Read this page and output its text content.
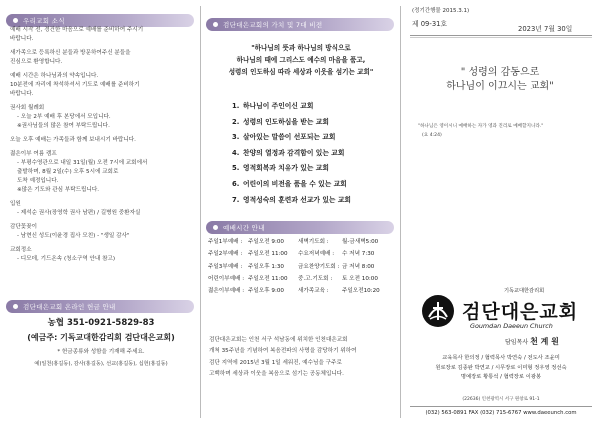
우리교회 소식
예배 시작 전, 경건한 마음으로 예배를 준비하여 주시기
바랍니다.
새가족으로 등록하신 분들과 방문하여주신 분들을
진심으로 환영합니다.
예배 시간은 하나님과의 약속입니다.
10분전에 자리에 착석하셔서 기도로 예배를 준비하기
바랍니다.
권사회 월례회
- 오늘 2부 예배 후 본당에서 모입니다.
※권사님들의 많은 참여 부탁드립니다.
오늘 오후 예배는 가족들과 함께 보내시기 바랍니다.
젊은이부 여름 캠프
- 부평수영관으로 내일 31일(월) 오전 7시에 교회에서
출발하며, 8월 2일(수) 오후 5시에 교회로
도착 예정입니다.
※많은 기도와 관심 부탁드립니다.
입원
- 제석순 권사(장영학 권사 남편) / 길병원 중환자실
감단꽃꽂이
- 남현신 성도(이윤경 집사 모친) - "생일 감사"
교회정소
- 디모데, 기드온속 (청소구역 안내 참고)
검단대은교회 온라인 헌금 안내
농협 351-0921-5829-83
(예금주: 기독교대한감리회 검단대은교회)
* 헌금종류와 성함을 기재해 주세요.
예)일천(홍길동), 감사(홍길동), 선교(홍길동), 십헌(홍길동)
검단대은교회의 가치 및 7대 비전
"하나님의 뜻과 하나님의 방식으로
하나님의 때에 그리스도 예수의 마음을 품고,
성령의 인도하심 따라 세상과 이웃을 섬기는 교회"
1. 하나님이 주인이신 교회
2. 성령의 인도하심을 받는 교회
3. 살아있는 말씀이 선포되는 교회
4. 찬양의 열정과 감격함이 있는 교회
5. 영적회복과 치유가 있는 교회
6. 어린이의 비전을 품을 수 있는 교회
7. 영적성숙의 훈련과 선교가 있는 교회
예배시간 안내
주일1부예배 :	주일오전 9:00	새벽기도회 :	월-금새벽5:00
주일2부예배 :	주일오전 11:00	수요저녁예배 :	수 저녁 7:30
주일3부예배 :	주일오후 1:30	금요찬양기도회 : 금 저녁 8:00
어린이부예배 : 주일오전 11:00	중.고.기도회 :	토 오전 10:00
젊은이부예배 : 주일오후 9:00	새가족교육 :	주일오전10:20
검단대은교회는 인천 서구 석남동에 위치한 인천대은교회
개척 35주년을 기념하여 복음전파의 사명을 감당하기 위하여
검단 지역에 2015년 3월 1일 세워진, 예수님을 구주로
고백하며 세상과 이웃을 복음으로 섬기는 공동체입니다.
(정기간행물 2015.3.1)
제 09-31호
2023년 7월 30일
" 성령의 감동으로
하나님이 이끄시는 교회"
"하나님은 영이시니 예배하는 자가 영과 진리로 예배할지니라."
(요 4:24)
기독교대한감리회
검단대은교회
Goumdan Daeeun Church
담임목사 천 계 원
교육목사 한의정 / 협력목사 박연숙 / 전도사 조윤미
원로장로 김종완 박연교 / 시무장로 이미형 정우영 정선숙
명예장로 황통석 / 협력장로 이광봉
(22636) 인천광역시 서구 원창로 91-1
(032) 563-0891 FAX (032) 715-6767 www.daeeunch.com
